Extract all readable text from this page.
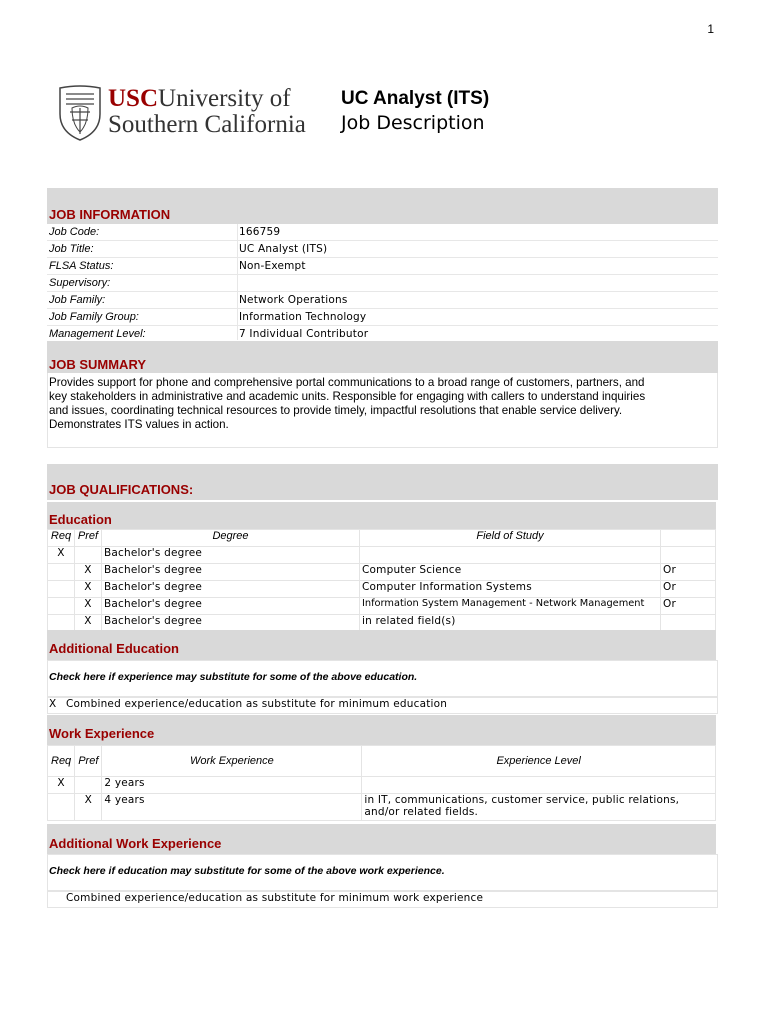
1
USCUniversity of
Southern California
UC Analyst (ITS)
Job Description
JOB INFORMATION
Job Code:	166759
Job Title:	UC Analyst (ITS)
FLSA Status:	Non-Exempt
Supervisory:
Job Family:	Network Operations
Job Family Group:	Information Technology
Management Level:	7 Individual Contributor
JOB SUMMARY
Provides support for phone and comprehensive portal communications to a broad range of customers, partners, and
key stakeholders in administrative and academic units. Responsible for engaging with callers to understand inquiries
and issues, coordinating technical resources to provide timely, impactful resolutions that enable service delivery.
Demonstrates ITS values in action.
JOB QUALIFICATIONS:
Education
Req	Pref	Degree	Field of Study	
X		Bachelor's degree		
	X	Bachelor's degree	Computer Science	Or
	X	Bachelor's degree	Computer Information Systems	Or
	X	Bachelor's degree	Information System Management - Network Management	Or
	X	Bachelor's degree	in related field(s)	
Additional Education
Check here if experience may substitute for some of the above education.
X Combined experience/education as substitute for minimum education
Work Experience
Req	Pref	Work Experience	Experience Level
X		2 years	
	X	4 years	in IT, communications, customer service, public relations, and/or related fields.
Additional Work Experience
Check here if education may substitute for some of the above work experience.
Combined experience/education as substitute for minimum work experience
